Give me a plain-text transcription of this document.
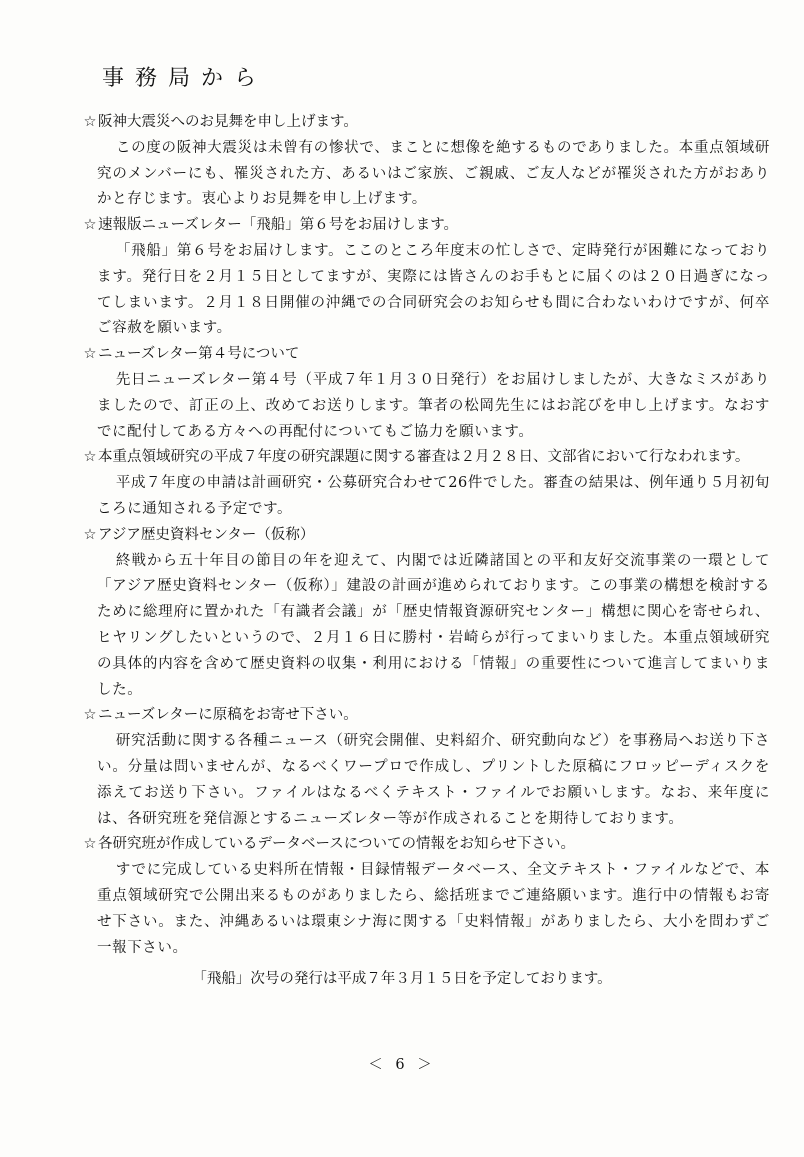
事務局から

☆ 阪神大震災へのお見舞を申し上げます。

この度の阪神大震災は未曾有の惨状で、まことに想像を絶するものでありました。本重点領域研究のメンバーにも、罹災された方、あるいはご家族、ご親戚、ご友人などが罹災された方がおありかと存じます。衷心よりお見舞を申し上げます。

☆ 速報版ニューズレター「飛船」第６号をお届けします。

「飛船」第６号をお届けします。ここのところ年度末の忙しさで、定時発行が困難になっております。発行日を２月１５日としてますが、実際には皆さんのお手もとに届くのは２０日過ぎになってしまいます。２月１８日開催の沖縄での合同研究会のお知らせも間に合わないわけですが、何卒ご容赦を願います。

☆ ニューズレター第４号について

先日ニューズレター第４号（平成７年１月３０日発行）をお届けしましたが、大きなミスがありましたので、訂正の上、改めてお送りします。筆者の松岡先生にはお詫びを申し上げます。なおすでに配付してある方々への再配付についてもご協力を願います。

☆ 本重点領域研究の平成７年度の研究課題に関する審査は２月２８日、文部省において行なわれます。

平成７年度の申請は計画研究・公募研究合わせて26件でした。審査の結果は、例年通り５月初旬ころに通知される予定です。

☆ アジア歴史資料センター（仮称）

終戦から五十年目の節目の年を迎えて、内閣では近隣諸国との平和友好交流事業の一環として「アジア歴史資料センター（仮称）」建設の計画が進められております。この事業の構想を検討するために総理府に置かれた「有識者会議」が「歴史情報資源研究センター」構想に関心を寄せられ、ヒヤリングしたいというので、２月１６日に勝村・岩崎らが行ってまいりました。本重点領域研究の具体的内容を含めて歴史資料の収集・利用における「情報」の重要性について進言してまいりました。

☆ ニューズレターに原稿をお寄せ下さい。

研究活動に関する各種ニュース（研究会開催、史料紹介、研究動向など）を事務局へお送り下さい。分量は問いませんが、なるべくワープロで作成し、プリントした原稿にフロッピーディスクを添えてお送り下さい。ファイルはなるべくテキスト・ファイルでお願いします。なお、来年度には、各研究班を発信源とするニューズレター等が作成されることを期待しております。

☆ 各研究班が作成しているデータベースについての情報をお知らせ下さい。

すでに完成している史料所在情報・目録情報データベース、全文テキスト・ファイルなどで、本重点領域研究で公開出来るものがありましたら、総括班までご連絡願います。進行中の情報もお寄せ下さい。また、沖縄あるいは環東シナ海に関する「史料情報」がありましたら、大小を問わずご一報下さい。

「飛船」次号の発行は平成７年３月１５日を予定しております。
＜ 6 ＞
